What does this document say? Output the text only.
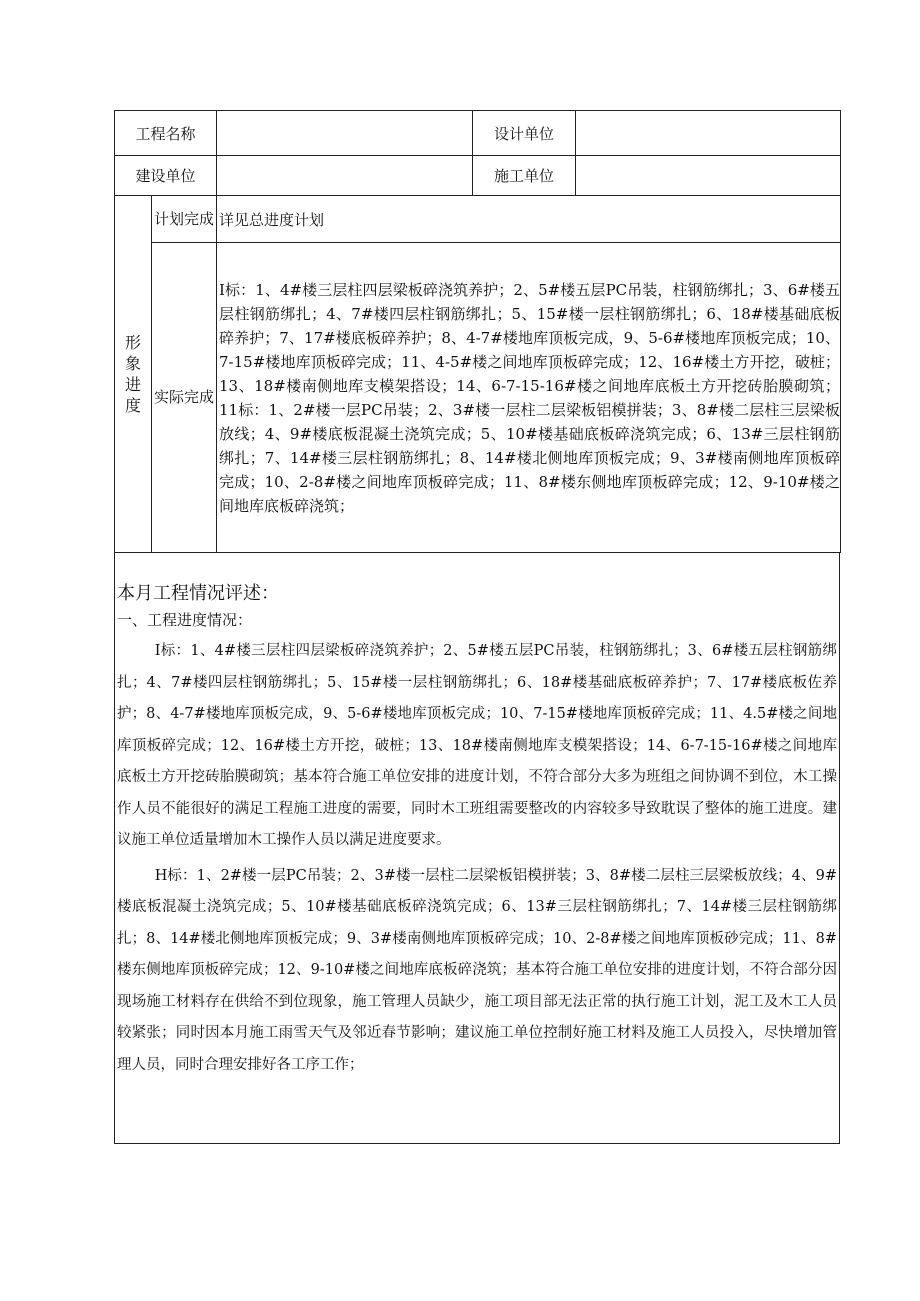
工程名称			设计单位	
建设单位			施工单位	

形
象
进
度	计划完成	详见总进度计划		
	实际完成	I标：1、4#楼三层柱四层梁板碎浇筑养护；2、5#楼五层PC吊装，柱钢筋绑扎；3、6#楼五层柱钢筋绑扎；4、7#楼四层柱钢筋绑扎；5、15#楼一层柱钢筋绑扎；6、18#楼基础底板碎养护；7、17#楼底板碎养护；8、4-7#楼地库顶板完成，9、5-6#楼地库顶板完成；10、7-15#楼地库顶板碎完成；11、4-5#楼之间地库顶板碎完成；12、16#楼土方开挖，破桩；13、18#楼南侧地库支模架搭设；14、6-7-15-16#楼之间地库底板土方开挖砖胎膜砌筑；11标：1、2#楼一层PC吊装；2、3#楼一层柱二层梁板铝模拼装；3、8#楼二层柱三层梁板放线；4、9#楼底板混凝土浇筑完成；5、10#楼基础底板碎浇筑完成；6、13#三层柱钢筋绑扎；7、14#楼三层柱钢筋绑扎；8、14#楼北侧地库顶板完成；9、3#楼南侧地库顶板碎完成；10、2-8#楼之间地库顶板碎完成；11、8#楼东侧地库顶板碎完成；12、9-10#楼之间地库底板碎浇筑；		
本月工程情况评述：
一、工程进度情况：

I标：1、4#楼三层柱四层梁板碎浇筑养护；2、5#楼五层PC吊装，柱钢筋绑扎；3、6#楼五层柱钢筋绑扎；4、7#楼四层柱钢筋绑扎；5、15#楼一层柱钢筋绑扎；6、18#楼基础底板碎养护；7、17#楼底板佐养护；8、4-7#楼地库顶板完成，9、5-6#楼地库顶板完成；10、7-15#楼地库顶板碎完成；11、4.5#楼之间地库顶板碎完成；12、16#楼土方开挖，破桩；13、18#楼南侧地库支模架搭设；14、6-7-15-16#楼之间地库底板土方开挖砖胎膜砌筑；基本符合施工单位安排的进度计划，不符合部分大多为班组之间协调不到位，木工操作人员不能很好的满足工程施工进度的需要，同时木工班组需要整改的内容较多导致耽误了整体的施工进度。建议施工单位适量增加木工操作人员以满足进度要求。

H标：1、2#楼一层PC吊装；2、3#楼一层柱二层梁板铝模拼装；3、8#楼二层柱三层梁板放线；4、9#楼底板混凝土浇筑完成；5、10#楼基础底板碎浇筑完成；6、13#三层柱钢筋绑扎；7、14#楼三层柱钢筋绑扎；8、14#楼北侧地库顶板完成；9、3#楼南侧地库顶板碎完成；10、2-8#楼之间地库顶板砂完成；11、8#楼东侧地库顶板碎完成；12、9-10#楼之间地库底板碎浇筑；基本符合施工单位安排的进度计划，不符合部分因现场施工材料存在供给不到位现象，施工管理人员缺少，施工项目部无法正常的执行施工计划，泥工及木工人员较紧张；同时因本月施工雨雪天气及邻近春节影响；建议施工单位控制好施工材料及施工人员投入，尽快增加管理人员，同时合理安排好各工序工作；
